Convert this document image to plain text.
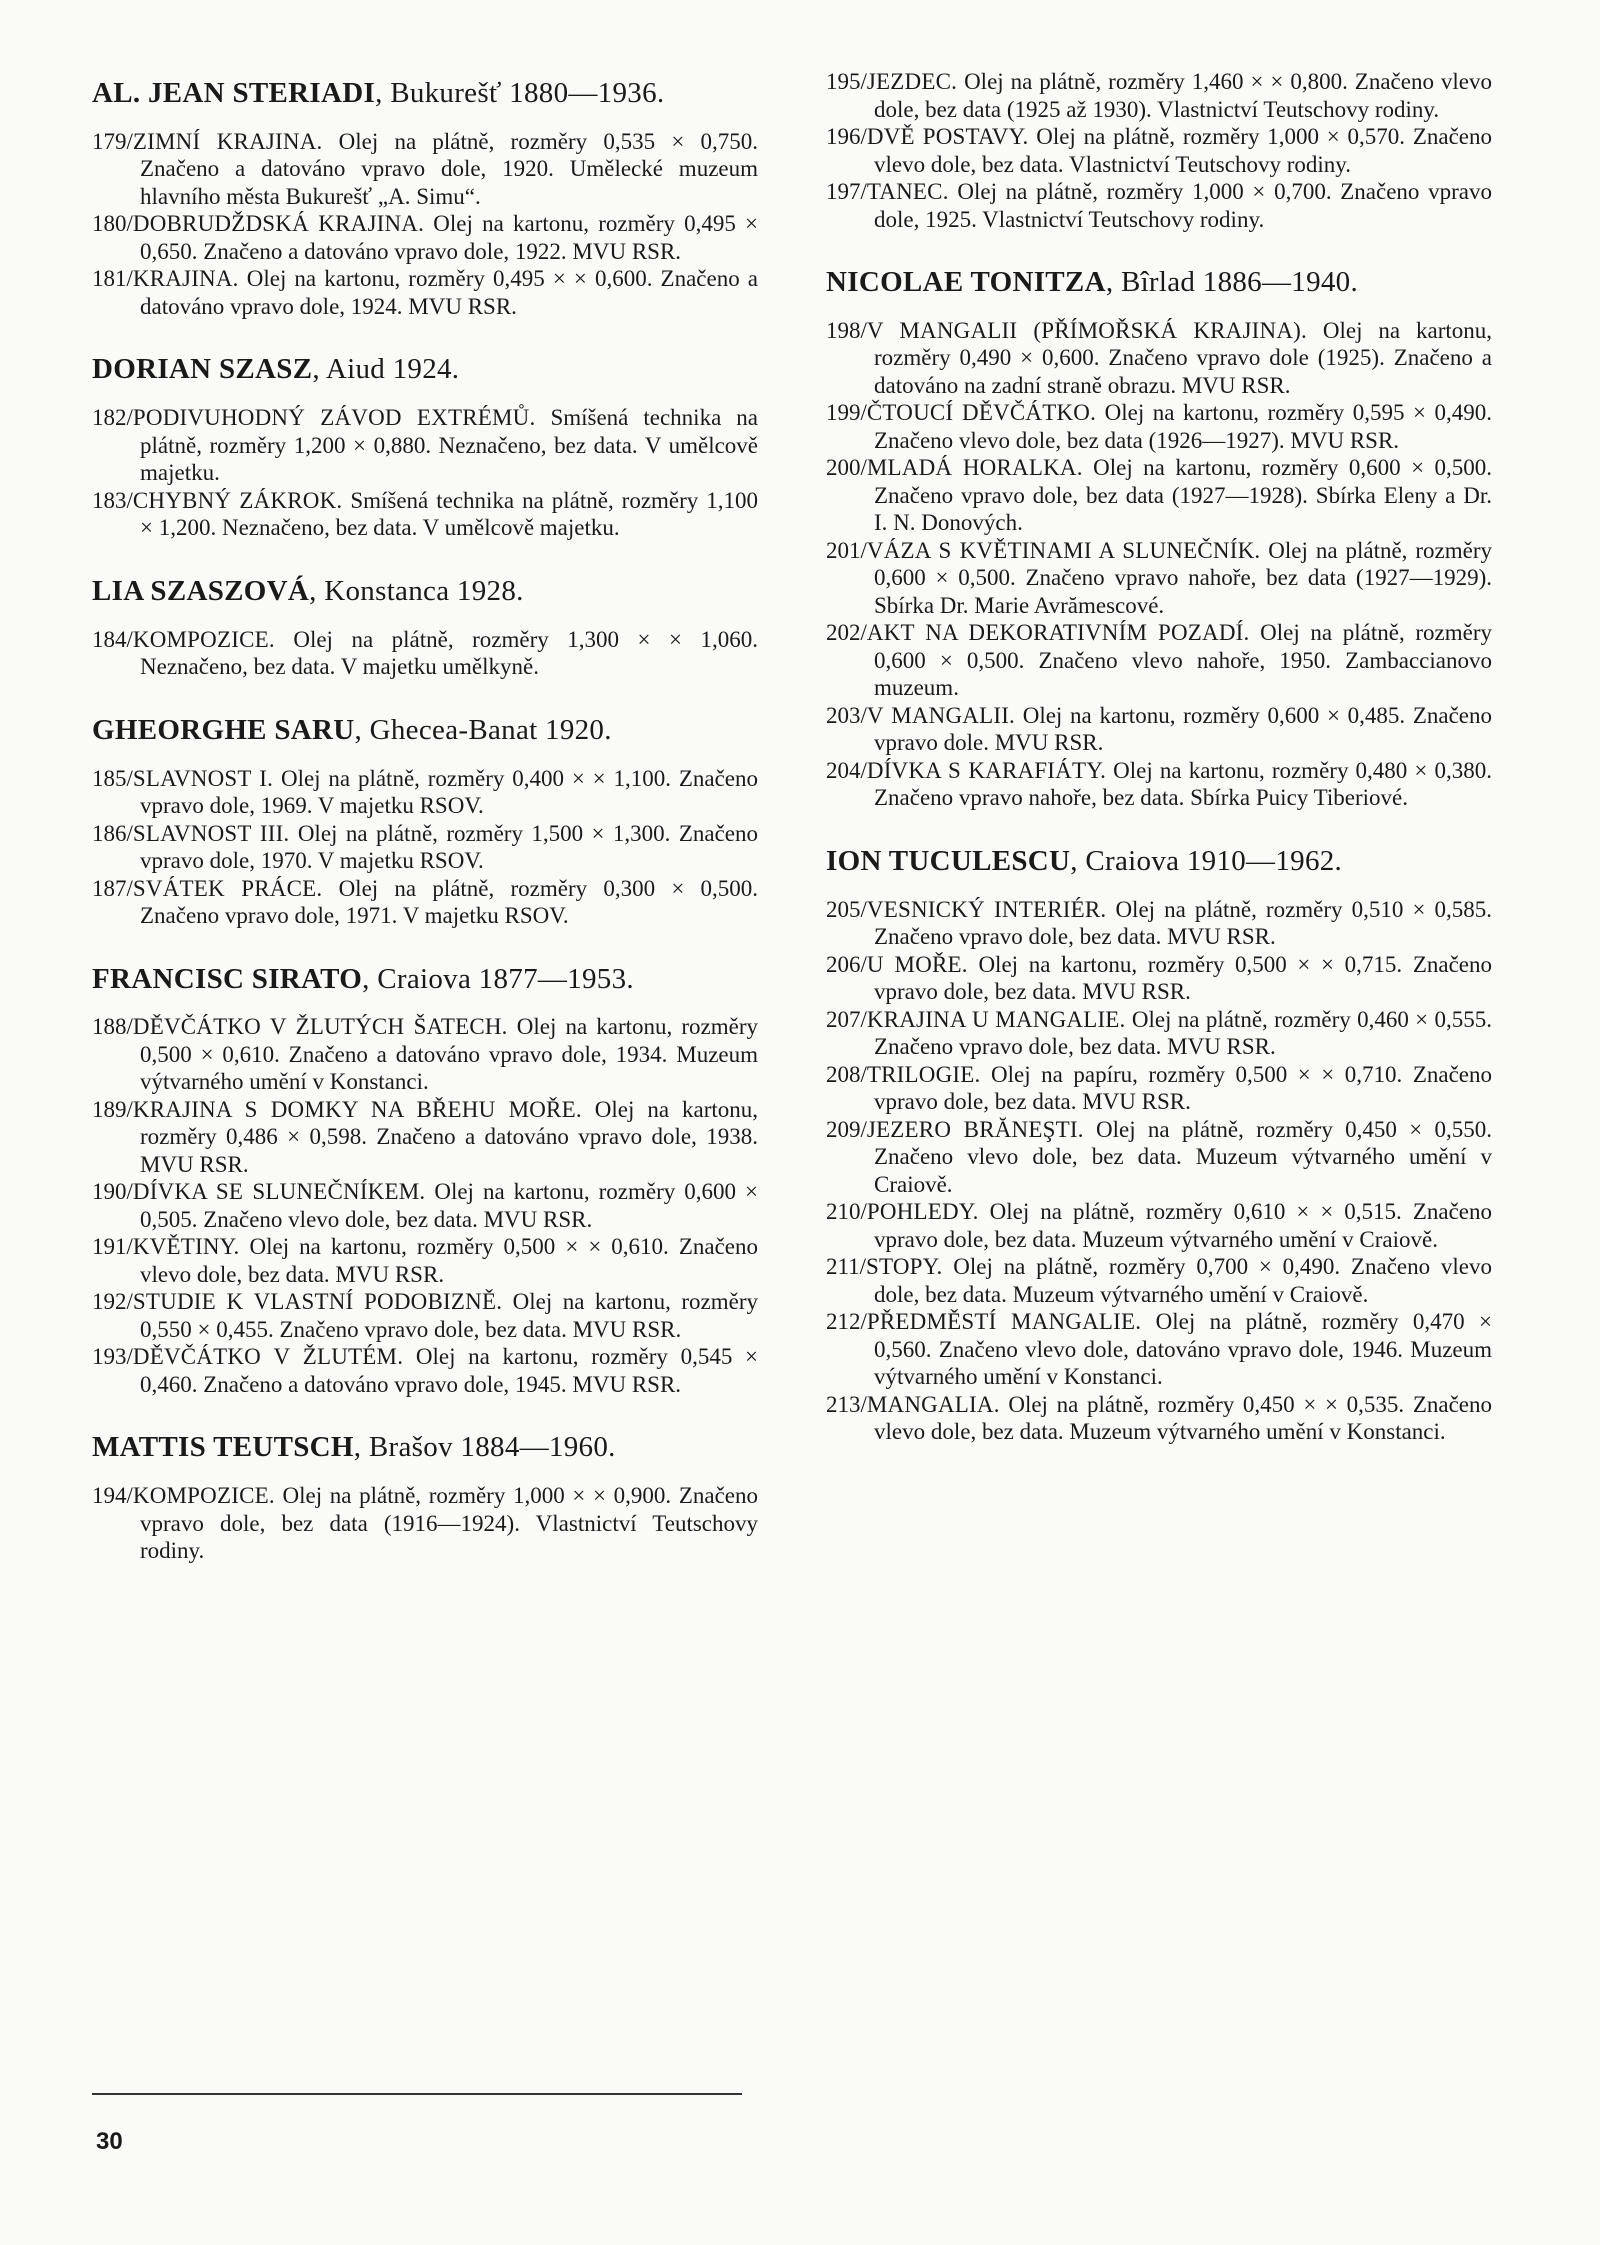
AL. JEAN STERIADI, Bukurešť 1880—1936.

179/ZIMNÍ KRAJINA. Olej na plátně, rozměry 0,535 × 0,750. Značeno a datováno vpravo dole, 1920. Umělecké muzeum hlavního města Bukurešť „A. Simu“.

180/DOBRUDŽDSKÁ KRAJINA. Olej na kartonu, rozměry 0,495 × 0,650. Značeno a datováno vpravo dole, 1922. MVU RSR.

181/KRAJINA. Olej na kartonu, rozměry 0,495 × × 0,600. Značeno a datováno vpravo dole, 1924. MVU RSR.

DORIAN SZASZ, Aiud 1924.

182/PODIVUHODNÝ ZÁVOD EXTRÉMŮ. Smíšená technika na plátně, rozměry 1,200 × 0,880. Neznačeno, bez data. V umělcově majetku.

183/CHYBNÝ ZÁKROK. Smíšená technika na plátně, rozměry 1,100 × 1,200. Neznačeno, bez data. V umělcově majetku.

LIA SZASZOVÁ, Konstanca 1928.

184/KOMPOZICE. Olej na plátně, rozměry 1,300 × × 1,060. Neznačeno, bez data. V majetku umělkyně.

GHEORGHE SARU, Ghecea-Banat 1920.

185/SLAVNOST I. Olej na plátně, rozměry 0,400 × × 1,100. Značeno vpravo dole, 1969. V majetku RSOV.

186/SLAVNOST III. Olej na plátně, rozměry 1,500 × 1,300. Značeno vpravo dole, 1970. V majetku RSOV.

187/SVÁTEK PRÁCE. Olej na plátně, rozměry 0,300 × 0,500. Značeno vpravo dole, 1971. V majetku RSOV.

FRANCISC SIRATO, Craiova 1877—1953.

188/DĚVČÁTKO V ŽLUTÝCH ŠATECH. Olej na kartonu, rozměry 0,500 × 0,610. Značeno a datováno vpravo dole, 1934. Muzeum výtvarného umění v Konstanci.

189/KRAJINA S DOMKY NA BŘEHU MOŘE. Olej na kartonu, rozměry 0,486 × 0,598. Značeno a datováno vpravo dole, 1938. MVU RSR.

190/DÍVKA SE SLUNEČNÍKEM. Olej na kartonu, rozměry 0,600 × 0,505. Značeno vlevo dole, bez data. MVU RSR.

191/KVĚTINY. Olej na kartonu, rozměry 0,500 × × 0,610. Značeno vlevo dole, bez data. MVU RSR.

192/STUDIE K VLASTNÍ PODOBIZNĚ. Olej na kartonu, rozměry 0,550 × 0,455. Značeno vpravo dole, bez data. MVU RSR.

193/DĚVČÁTKO V ŽLUTÉM. Olej na kartonu, rozměry 0,545 × 0,460. Značeno a datováno vpravo dole, 1945. MVU RSR.

MATTIS TEUTSCH, Brašov 1884—1960.

194/KOMPOZICE. Olej na plátně, rozměry 1,000 × × 0,900. Značeno vpravo dole, bez data (1916—1924). Vlastnictví Teutschovy rodiny.

195/JEZDEC. Olej na plátně, rozměry 1,460 × × 0,800. Značeno vlevo dole, bez data (1925 až 1930). Vlastnictví Teutschovy rodiny.

196/DVĚ POSTAVY. Olej na plátně, rozměry 1,000 × 0,570. Značeno vlevo dole, bez data. Vlastnictví Teutschovy rodiny.

197/TANEC. Olej na plátně, rozměry 1,000 × 0,700. Značeno vpravo dole, 1925. Vlastnictví Teutschovy rodiny.

NICOLAE TONITZA, Bîrlad 1886—1940.

198/V MANGALII (PŘÍMOŘSKÁ KRAJINA). Olej na kartonu, rozměry 0,490 × 0,600. Značeno vpravo dole (1925). Značeno a datováno na zadní straně obrazu. MVU RSR.

199/ČTOUCÍ DĚVČÁTKO. Olej na kartonu, rozměry 0,595 × 0,490. Značeno vlevo dole, bez data (1926—1927). MVU RSR.

200/MLADÁ HORALKA. Olej na kartonu, rozměry 0,600 × 0,500. Značeno vpravo dole, bez data (1927—1928). Sbírka Eleny a Dr. I. N. Donových.

201/VÁZA S KVĚTINAMI A SLUNEČNÍK. Olej na plátně, rozměry 0,600 × 0,500. Značeno vpravo nahoře, bez data (1927—1929). Sbírka Dr. Marie Avrămescové.

202/AKT NA DEKORATIVNÍM POZADÍ. Olej na plátně, rozměry 0,600 × 0,500. Značeno vlevo nahoře, 1950. Zambaccianovo muzeum.

203/V MANGALII. Olej na kartonu, rozměry 0,600 × 0,485. Značeno vpravo dole. MVU RSR.

204/DÍVKA S KARAFIÁTY. Olej na kartonu, rozměry 0,480 × 0,380. Značeno vpravo nahoře, bez data. Sbírka Puicy Tiberiové.

ION TUCULESCU, Craiova 1910—1962.

205/VESNICKÝ INTERIÉR. Olej na plátně, rozměry 0,510 × 0,585. Značeno vpravo dole, bez data. MVU RSR.

206/U MOŘE. Olej na kartonu, rozměry 0,500 × × 0,715. Značeno vpravo dole, bez data. MVU RSR.

207/KRAJINA U MANGALIE. Olej na plátně, rozměry 0,460 × 0,555. Značeno vpravo dole, bez data. MVU RSR.

208/TRILOGIE. Olej na papíru, rozměry 0,500 × × 0,710. Značeno vpravo dole, bez data. MVU RSR.

209/JEZERO BRĂNEŞTI. Olej na plátně, rozměry 0,450 × 0,550. Značeno vlevo dole, bez data. Muzeum výtvarného umění v Craiově.

210/POHLEDY. Olej na plátně, rozměry 0,610 × × 0,515. Značeno vpravo dole, bez data. Muzeum výtvarného umění v Craiově.

211/STOPY. Olej na plátně, rozměry 0,700 × 0,490. Značeno vlevo dole, bez data. Muzeum výtvarného umění v Craiově.

212/PŘEDMĚSTÍ MANGALIE. Olej na plátně, rozměry 0,470 × 0,560. Značeno vlevo dole, datováno vpravo dole, 1946. Muzeum výtvarného umění v Konstanci.

213/MANGALIA. Olej na plátně, rozměry 0,450 × × 0,535. Značeno vlevo dole, bez data. Muzeum výtvarného umění v Konstanci.

30
